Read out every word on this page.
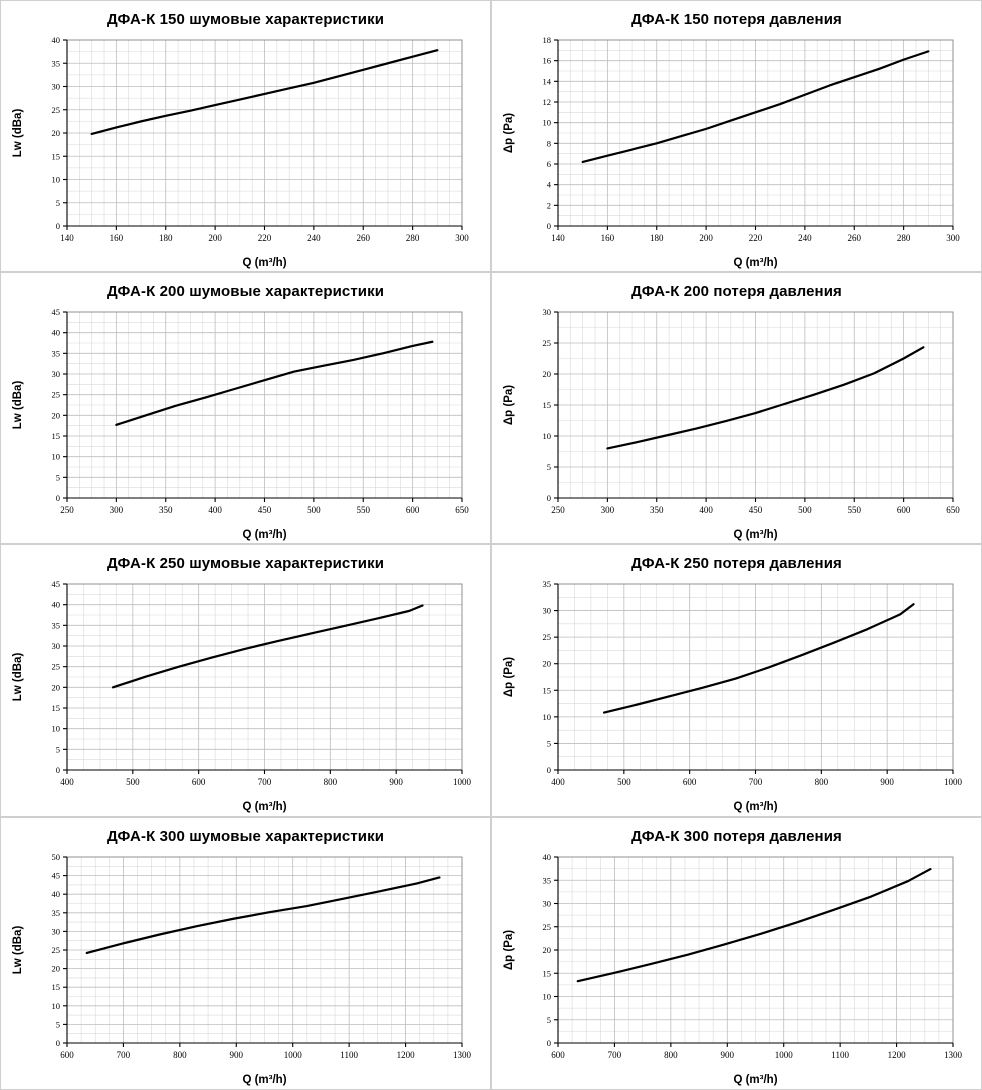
ДФА-К 150 шумовые характеристики
0
5
10
15
20
25
30
35
40
140	160	180	200	220	240	260	280	300
Q (m³/h)
Lw (dBa)
ДФА-К 150 потеря давления
0
2
4
6
8
10
12
14
16
18
140	160	180	200	220	240	260	280	300
Q (m³/h)
Δp (Pa)
ДФА-К 200 шумовые характеристики
0
5
10
15
20
25
30
35
40
45
250	300	350	400	450	500	550	600	650
Q (m³/h)
Lw (dBa)
ДФА-К 200 потеря давления
0
5
10
15
20
25
30
250	300	350	400	450	500	550	600	650
Q (m³/h)
Δp (Pa)
ДФА-К 250 шумовые характеристики
0
5
10
15
20
25
30
35
40
45
400	500	600	700	800	900	1000
Q (m³/h)
Lw (dBa)
ДФА-К 250 потеря давления
0
5
10
15
20
25
30
35
400	500	600	700	800	900	1000
Q (m³/h)
Δp (Pa)
ДФА-К 300 шумовые характеристики
0
5
10
15
20
25
30
35
40
45
50
600	700	800	900	1000	1100	1200	1300
Q (m³/h)
Lw (dBa)
ДФА-К 300 потеря давления
0
5
10
15
20
25
30
35
40
600	700	800	900	1000	1100	1200	1300
Q (m³/h)
Δp (Pa)
